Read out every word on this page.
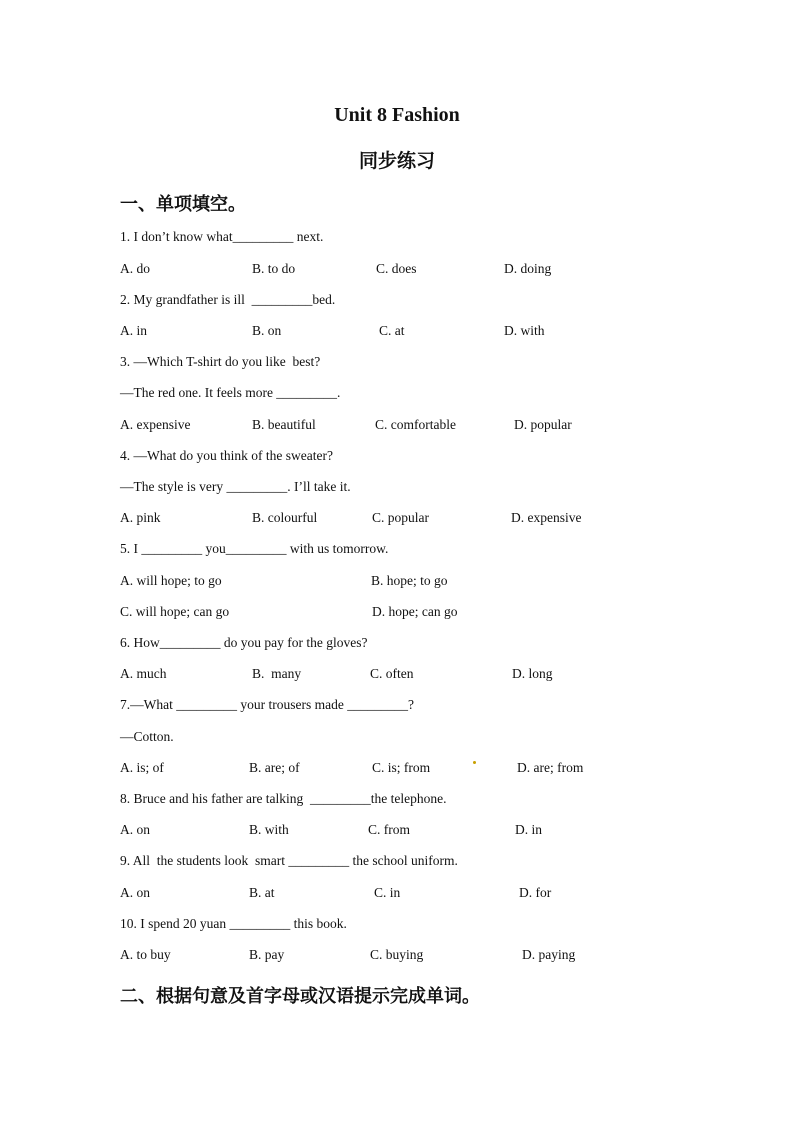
Unit 8 Fashion
同步练习
一、单项填空。
1. I don’t know what_________ next.
A. do	B. to do	C. does	D. doing
2. My grandfather is ill  _________bed.
A. in	B. on	C. at	D. with
3. —Which T-shirt do you like  best?
—The red one. It feels more _________.
A. expensive	B. beautiful	C. comfortable	D. popular
4. —What do you think of the sweater?
—The style is very _________. I’ll take it.
A. pink	B. colourful	C. popular	D. expensive
5. I _________ you_________ with us tomorrow.
A. will hope; to go	B. hope; to go
C. will hope; can go	D. hope; can go
6. How_________ do you pay for the gloves?
A. much	B.  many	C. often	D. long
7.—What _________ your trousers made _________?
—Cotton.
A. is; of	B. are; of	C. is; from	D. are; from
8. Bruce and his father are talking  _________the telephone.
A. on	B. with	C. from	D. in
9. All  the students look  smart _________ the school uniform.
A. on	B. at	C. in	D. for
10. I spend 20 yuan _________ this book.
A. to buy	B. pay	C. buying	D. paying
二、根据句意及首字母或汉语提示完成单词。
